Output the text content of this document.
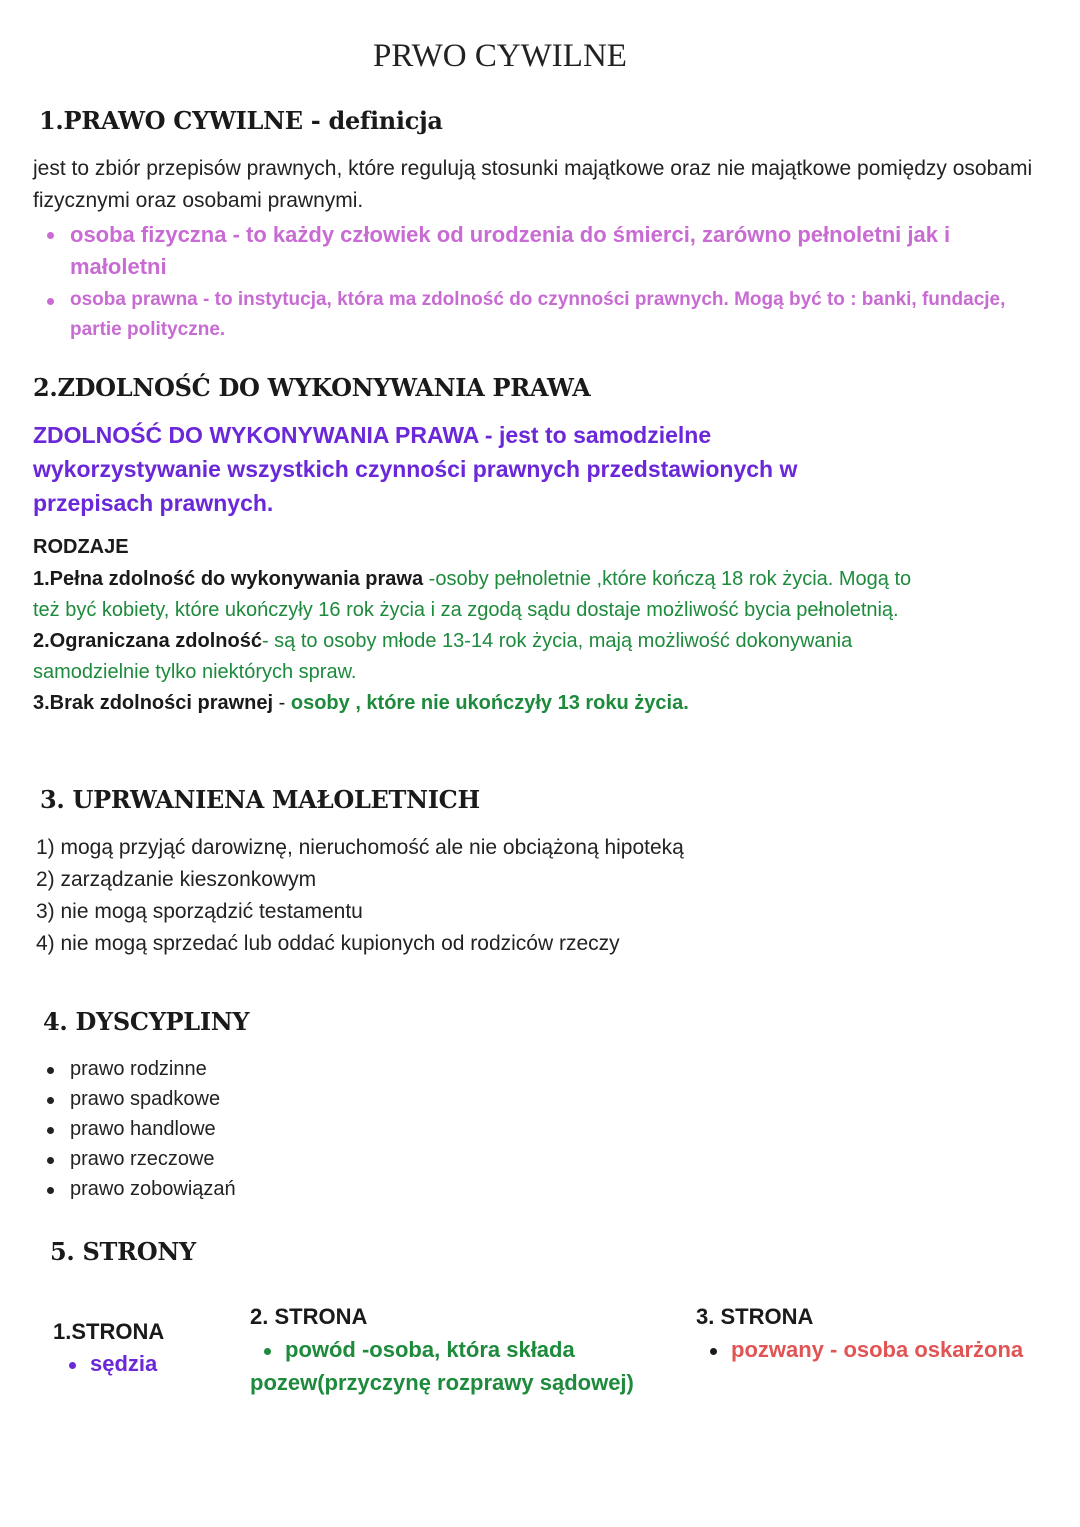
PRWO CYWILNE
1.PRAWO CYWILNE - definicja
jest to zbiór przepisów prawnych, które regulują stosunki majątkowe oraz nie majątkowe pomiędzy osobami fizycznymi oraz osobami prawnymi.
osoba fizyczna - to każdy człowiek od urodzenia do śmierci, zarówno pełnoletni jak i małoletni
osoba prawna - to instytucja, która ma zdolność do czynności prawnych. Mogą być to : banki, fundacje, partie polityczne.
2.ZDOLNOŚĆ DO WYKONYWANIA PRAWA
ZDOLNOŚĆ DO WYKONYWANIA PRAWA - jest to samodzielne wykorzystywanie wszystkich czynności prawnych przedstawionych w przepisach prawnych.
RODZAJE
1.Pełna zdolność do wykonywania prawa -osoby pełnoletnie ,które kończą 18 rok życia. Mogą to też być kobiety, które ukończyły 16 rok życia i za zgodą sądu dostaje możliwość bycia pełnoletnią.
2.Ograniczana zdolność- są to osoby młode 13-14 rok życia, mają możliwość dokonywania samodzielnie tylko niektórych spraw.
3.Brak zdolności prawnej - osoby , które nie ukończyły 13 roku życia.
3. UPRWANIENA MAŁOLETNICH
1) mogą przyjąć darowiznę, nieruchomość ale nie obciążoną hipoteką
2) zarządzanie kieszonkowym
3) nie mogą sporządzić testamentu
4) nie mogą sprzedać lub oddać kupionych od rodziców rzeczy
4. DYSCYPLINY
prawo rodzinne
prawo spadkowe
prawo handlowe
prawo rzeczowe
prawo zobowiązań
5. STRONY
1.STRONA
sędzia
2. STRONA
powód -osoba, która składa pozew(przyczynę rozprawy sądowej)
3. STRONA
pozwany - osoba oskarżona
